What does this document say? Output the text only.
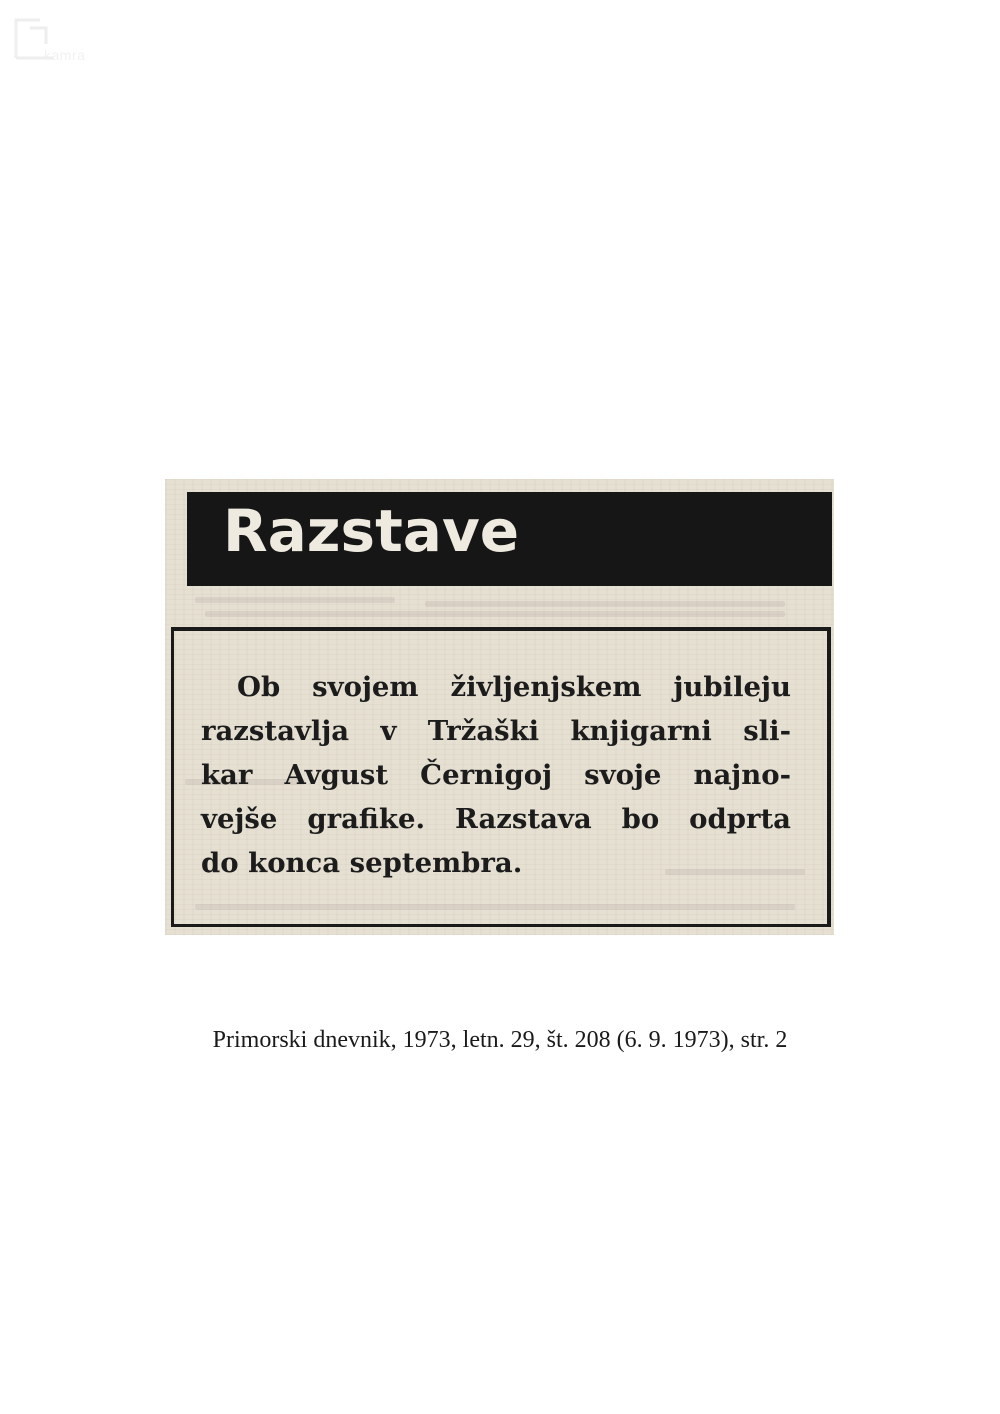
kamra
Razstave

Ob svojem življenjskem jubileju
razstavlja v Tržaški knjigarni sli-
kar Avgust Černigoj svoje najno-
vejše grafike. Razstava bo odprta
do konca septembra.

Primorski dnevnik, 1973, letn. 29, št. 208 (6. 9. 1973), str. 2
